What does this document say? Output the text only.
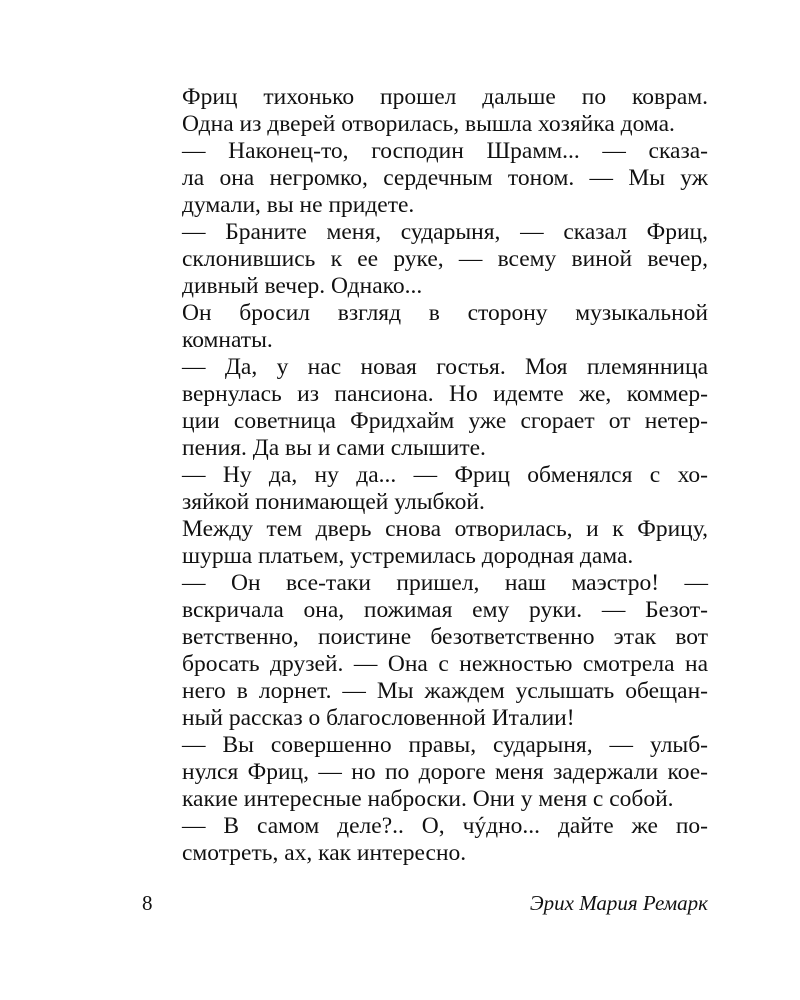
Фриц тихонько прошел дальше по коврам.
Одна из дверей отворилась, вышла хозяйка дома.

— Наконец-то, господин Шрамм... — сказа-
ла она негромко, сердечным тоном. — Мы уж
думали, вы не придете.

— Браните меня, сударыня, — сказал Фриц,
склонившись к ее руке, — всему виной вечер,
дивный вечер. Однако...

Он бросил взгляд в сторону музыкальной
комнаты.

— Да, у нас новая гостья. Моя племянница
вернулась из пансиона. Но идемте же, коммер-
ции советница Фридхайм уже сгорает от нетер-
пения. Да вы и сами слышите.

— Ну да, ну да... — Фриц обменялся с хо-
зяйкой понимающей улыбкой.

Между тем дверь снова отворилась, и к Фрицу,
шурша платьем, устремилась дородная дама.

— Он все-таки пришел, наш маэстро! —
вскричала она, пожимая ему руки. — Безот-
ветственно, поистине безответственно этак вот
бросать друзей. — Она с нежностью смотрела на
него в лорнет. — Мы жаждем услышать обещан-
ный рассказ о благословенной Италии!

— Вы совершенно правы, сударыня, — улыб-
нулся Фриц, — но по дороге меня задержали кое-
какие интересные наброски. Они у меня с собой.

— В самом деле?.. О, чýдно... дайте же по-
смотреть, ах, как интересно.

8	Эрих Мария Ремарк
